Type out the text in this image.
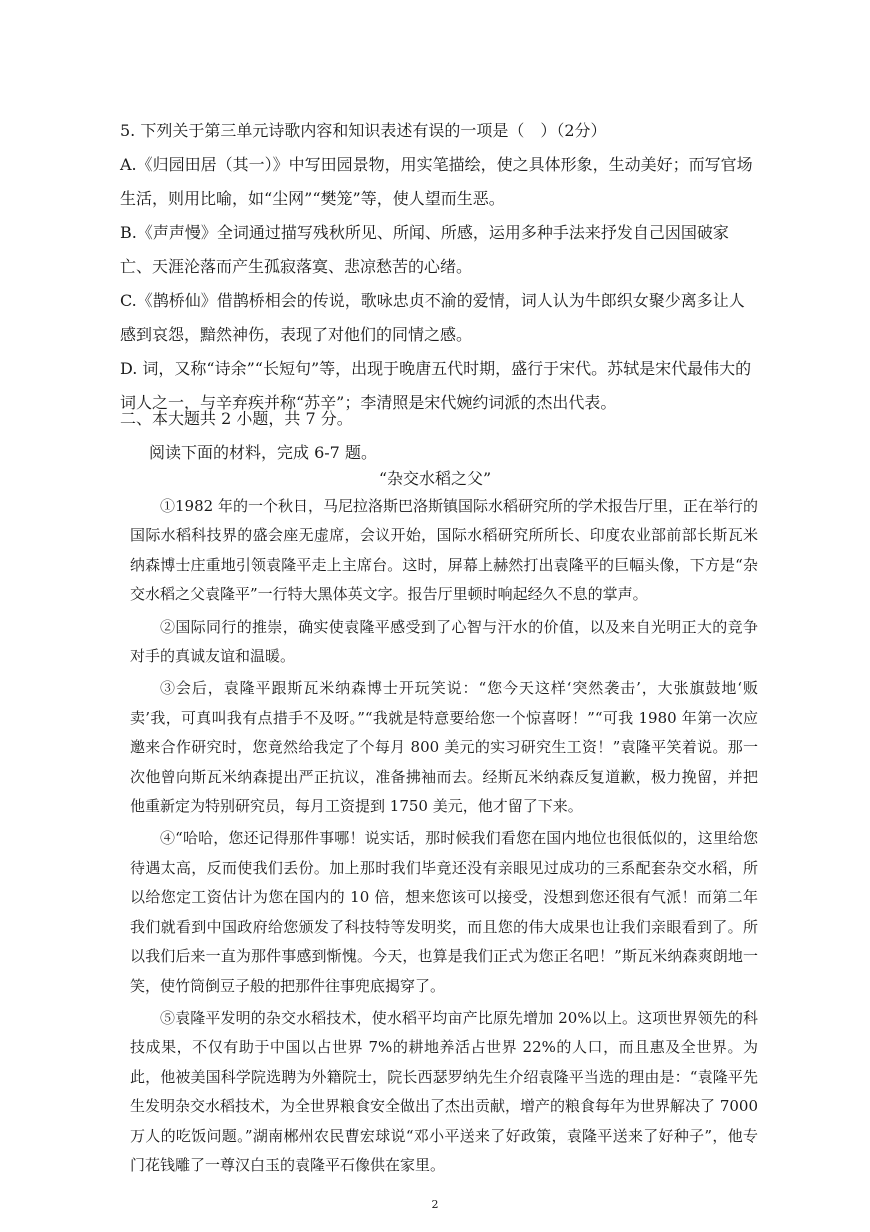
5. 下列关于第三单元诗歌内容和知识表述有误的一项是（　）（2分）

A.《归园田居（其一）》中写田园景物，用实笔描绘，使之具体形象，生动美好；而写官场生活，则用比喻，如“尘网”“樊笼”等，使人望而生恶。

B.《声声慢》全词通过描写残秋所见、所闻、所感，运用多种手法来抒发自己因国破家亡、天涯沦落而产生孤寂落寞、悲凉愁苦的心绪。

C.《鹊桥仙》借鹊桥相会的传说，歌咏忠贞不渝的爱情，词人认为牛郎织女聚少离多让人感到哀怨，黯然神伤，表现了对他们的同情之感。

D. 词，又称“诗余”“长短句”等，出现于晚唐五代时期，盛行于宋代。苏轼是宋代最伟大的词人之一，与辛弃疾并称“苏辛”；李清照是宋代婉约词派的杰出代表。

二、本大题共 2 小题，共 7 分。

阅读下面的材料，完成 6-7 题。

“杂交水稻之父”

①1982 年的一个秋日，马尼拉洛斯巴洛斯镇国际水稻研究所的学术报告厅里，正在举行的国际水稻科技界的盛会座无虚席，会议开始，国际水稻研究所所长、印度农业部前部长斯瓦米纳森博士庄重地引领袁隆平走上主席台。这时，屏幕上赫然打出袁隆平的巨幅头像，下方是“杂交水稻之父袁隆平”一行特大黑体英文字。报告厅里顿时响起经久不息的掌声。

②国际同行的推崇，确实使袁隆平感受到了心智与汗水的价值，以及来自光明正大的竞争对手的真诚友谊和温暖。

③会后，袁隆平跟斯瓦米纳森博士开玩笑说：“您今天这样‘突然袭击’，大张旗鼓地‘贩卖’我，可真叫我有点措手不及呀。”“我就是特意要给您一个惊喜呀！”“可我 1980 年第一次应邀来合作研究时，您竟然给我定了个每月 800 美元的实习研究生工资！”袁隆平笑着说。那一次他曾向斯瓦米纳森提出严正抗议，准备拂袖而去。经斯瓦米纳森反复道歉，极力挽留，并把他重新定为特别研究员，每月工资提到 1750 美元，他才留了下来。

④“哈哈，您还记得那件事哪！说实话，那时候我们看您在国内地位也很低似的，这里给您待遇太高，反而使我们丢份。加上那时我们毕竟还没有亲眼见过成功的三系配套杂交水稻，所以给您定工资估计为您在国内的 10 倍，想来您该可以接受，没想到您还很有气派！而第二年我们就看到中国政府给您颁发了科技特等发明奖，而且您的伟大成果也让我们亲眼看到了。所以我们后来一直为那件事感到惭愧。今天，也算是我们正式为您正名吧！”斯瓦米纳森爽朗地一笑，使竹筒倒豆子般的把那件往事兜底揭穿了。

⑤袁隆平发明的杂交水稻技术，使水稻平均亩产比原先增加 20%以上。这项世界领先的科技成果，不仅有助于中国以占世界 7%的耕地养活占世界 22%的人口，而且惠及全世界。为此，他被美国科学院选聘为外籍院士，院长西瑟罗纳先生介绍袁隆平当选的理由是：“袁隆平先生发明杂交水稻技术，为全世界粮食安全做出了杰出贡献，增产的粮食每年为世界解决了 7000 万人的吃饭问题。”湖南郴州农民曹宏球说“邓小平送来了好政策，袁隆平送来了好种子”，他专门花钱雕了一尊汉白玉的袁隆平石像供在家里。

2
